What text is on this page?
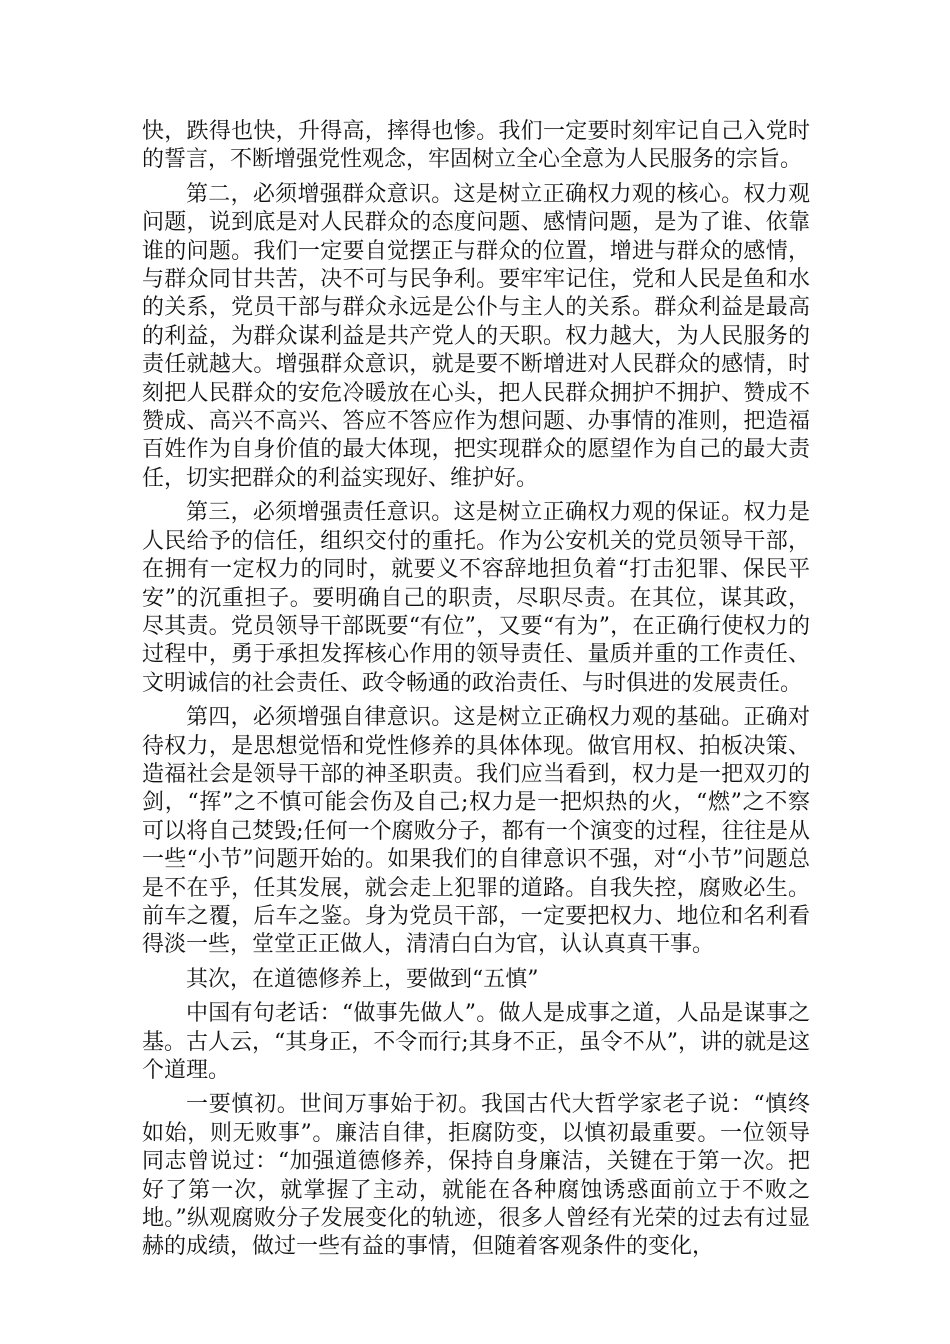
快，跌得也快，升得高，摔得也惨。我们一定要时刻牢记自己入党时的誓言，不断增强党性观念，牢固树立全心全意为人民服务的宗旨。

第二，必须增强群众意识。这是树立正确权力观的核心。权力观问题，说到底是对人民群众的态度问题、感情问题，是为了谁、依靠谁的问题。我们一定要自觉摆正与群众的位置，增进与群众的感情，与群众同甘共苦，决不可与民争利。要牢牢记住，党和人民是鱼和水的关系，党员干部与群众永远是公仆与主人的关系。群众利益是最高的利益，为群众谋利益是共产党人的天职。权力越大，为人民服务的责任就越大。增强群众意识，就是要不断增进对人民群众的感情，时刻把人民群众的安危冷暖放在心头，把人民群众拥护不拥护、赞成不赞成、高兴不高兴、答应不答应作为想问题、办事情的准则，把造福百姓作为自身价值的最大体现，把实现群众的愿望作为自己的最大责任，切实把群众的利益实现好、维护好。

第三，必须增强责任意识。这是树立正确权力观的保证。权力是人民给予的信任，组织交付的重托。作为公安机关的党员领导干部，在拥有一定权力的同时，就要义不容辞地担负着“打击犯罪、保民平安”的沉重担子。要明确自己的职责，尽职尽责。在其位，谋其政，尽其责。党员领导干部既要“有位”，又要“有为”，在正确行使权力的过程中，勇于承担发挥核心作用的领导责任、量质并重的工作责任、文明诚信的社会责任、政令畅通的政治责任、与时俱进的发展责任。

第四，必须增强自律意识。这是树立正确权力观的基础。正确对待权力，是思想觉悟和党性修养的具体体现。做官用权、拍板决策、造福社会是领导干部的神圣职责。我们应当看到，权力是一把双刃的剑，“挥”之不慎可能会伤及自己;权力是一把炽热的火，“燃”之不察可以将自己焚毁;任何一个腐败分子，都有一个演变的过程，往往是从一些“小节”问题开始的。如果我们的自律意识不强，对“小节”问题总是不在乎，任其发展，就会走上犯罪的道路。自我失控，腐败必生。前车之覆，后车之鉴。身为党员干部，一定要把权力、地位和名利看得淡一些，堂堂正正做人，清清白白为官，认认真真干事。

其次，在道德修养上，要做到“五慎”

中国有句老话：“做事先做人”。做人是成事之道，人品是谋事之基。古人云，“其身正，不令而行;其身不正，虽令不从”，讲的就是这个道理。

一要慎初。世间万事始于初。我国古代大哲学家老子说：“慎终如始，则无败事”。廉洁自律，拒腐防变，以慎初最重要。一位领导同志曾说过：“加强道德修养，保持自身廉洁，关键在于第一次。把好了第一次，就掌握了主动，就能在各种腐蚀诱惑面前立于不败之地。”纵观腐败分子发展变化的轨迹，很多人曾经有光荣的过去有过显赫的成绩，做过一些有益的事情，但随着客观条件的变化，
